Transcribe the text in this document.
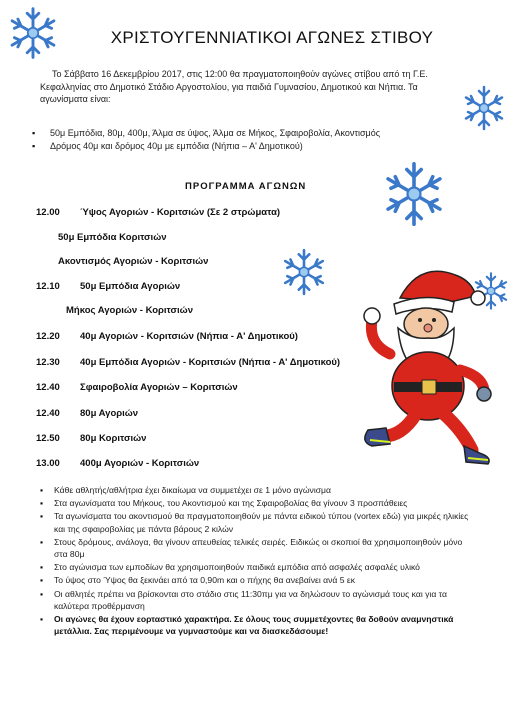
ΧΡΙΣΤΟΥΓΕΝΝΙΑΤΙΚΟΙ ΑΓΩΝΕΣ ΣΤΙΒΟΥ
Το Σάββατο 16 Δεκεμβρίου 2017, στις 12:00 θα πραγματοποιηθούν αγώνες στίβου από τη Γ.Ε. Κεφαλληνίας στο Δημοτικό Στάδιο Αργοστολίου, για παιδιά Γυμνασίου, Δημοτικού και Νήπια. Τα αγωνίσματα είναι:
▪ 50μ Εμπόδια, 80μ, 400μ, Άλμα σε ύψος, Άλμα σε Μήκος, Σφαιροβολία, Ακοντισμός
▪ Δρόμος 40μ και δρόμος 40μ με εμπόδια (Νήπια – Α' Δημοτικού)
ΠΡΟΓΡΑΜΜΑ ΑΓΩΝΩΝ
12.00 Ύψος Αγοριών - Κοριτσιών (Σε 2 στρώματα)
50μ Εμπόδια Κοριτσιών
Ακοντισμός Αγοριών - Κοριτσιών
12.10 50μ Εμπόδια Αγοριών
Μήκος Αγοριών - Κοριτσιών
12.20 40μ Αγοριών - Κοριτσιών (Νήπια - Α' Δημοτικού)
12.30 40μ Εμπόδια Αγοριών - Κοριτσιών (Νήπια - Α' Δημοτικού)
12.40 Σφαιροβολία Αγοριών – Κοριτσιών
12.40 80μ Αγοριών
12.50 80μ Κοριτσιών
13.00 400μ Αγοριών - Κοριτσιών
▪ Κάθε αθλητής/αθλήτρια έχει δικαίωμα να συμμετέχει σε 1 μόνο αγώνισμα
▪ Στα αγωνίσματα του Μήκους, του Ακοντισμού και της Σφαιροβολίας θα γίνουν 3 προσπάθειες
▪ Τα αγωνίσματα του ακοντισμού θα πραγματοποιηθούν με πάντα ειδικού τύπου (vortex εδώ) για μικρές ηλικίες και της σφαιροβολίας με πάντα βάρους 2 κιλών
▪ Στους δρόμους, ανάλογα, θα γίνουν απευθείας τελικές σειρές. Ειδικώς οι σκοπιοί θα χρησιμοποιηθούν μόνο στα 80μ
▪ Στο αγώνισμα των εμποδίων θα χρησιμοποιηθούν παιδικά εμπόδια από ασφαλές ασφαλές υλικό
▪ Το ύψος στο Ύψος θα ξεκινάει από τα 0,90m και ο πήχης θα ανεβαίνει ανά 5 εκ
▪ Οι αθλητές πρέπει να βρίσκονται στο στάδιο στις 11:30πμ για να δηλώσουν το αγώνισμά τους και για τα καλύτερα προθέρμανση
▪ Οι αγώνες θα έχουν εορταστικό χαρακτήρα. Σε όλους τους συμμετέχοντες θα δοθούν αναμνηστικά μετάλλια. Σας περιμένουμε να γυμναστούμε και να διασκεδάσουμε!
